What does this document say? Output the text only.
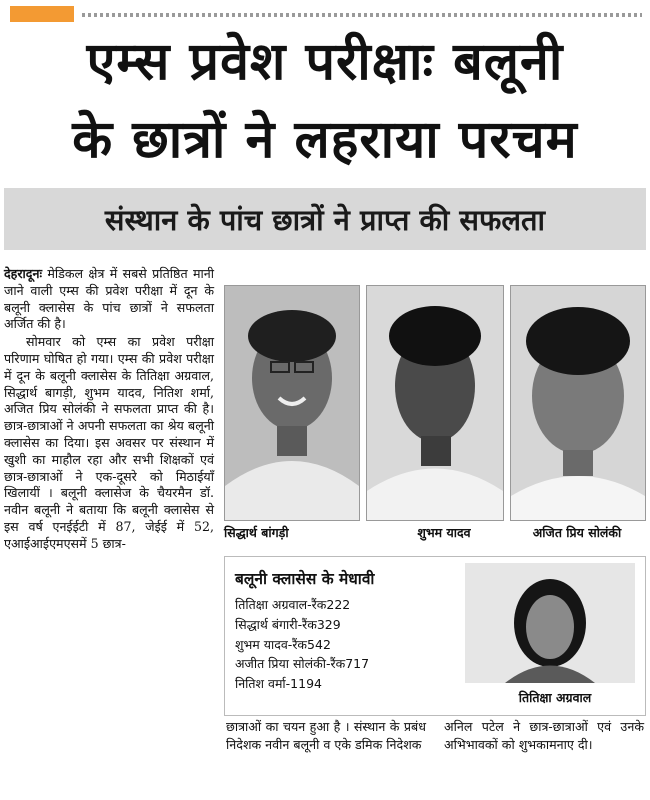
एम्स प्रवेश परीक्षाः बलूनी
के छात्रों ने लहराया परचम
संस्थान के पांच छात्रों ने प्राप्त की सफलता

देहरादूनः मेडिकल क्षेत्र में सबसे प्रतिष्ठित मानी जाने वाली एम्स की प्रवेश परीक्षा में दून के बलूनी क्लासेस के पांच छात्रों ने सफलता अर्जित की है।

सोमवार को एम्स का प्रवेश परीक्षा परिणाम घोषित हो गया। एम्स की प्रवेश परीक्षा में दून के बलूनी क्लासेस के तितिक्षा अग्रवाल, सिद्धार्थ बागड़ी, शुभम यादव, नितिश शर्मा, अजित प्रिय सोलंकी ने सफलता प्राप्त की है। छात्र-छात्राओं ने अपनी सफलता का श्रेय बलूनी क्लासेस का दिया। इस अवसर पर संस्थान में खुशी का माहौल रहा और सभी शिक्षकों एवं छात्र-छात्राओं ने एक-दूसरे को मिठाईयाँ खिलायीं । बलूनी क्लासेज के चैयरमैन डॉ. नवीन बलूनी ने बताया कि बलूनी क्लासेस से इस वर्ष एनईईटी में 87, जेईई में 52, एआईआईएमएसमें 5 छात्र-

सिद्धार्थ बांगड़ी	शुभम यादव	अजित प्रिय सोलंकी
बलूनी क्लासेस के मेधावी
तितिक्षा अग्रवाल-रैंक222
सिद्धार्थ बंगारी-रैंक329
शुभम यादव-रैंक542
अजीत प्रिया सोलंकी-रैंक717
नितिश वर्मा-1194
तितिक्षा अग्रवाल
छात्राओं का चयन हुआ है । संस्थान के प्रबंध निदेशक नवीन बलूनी व एके डमिक निदेशक
अनिल पटेल ने छात्र-छात्राओं एवं उनके अभिभावकों को शुभकामनाए दी।
